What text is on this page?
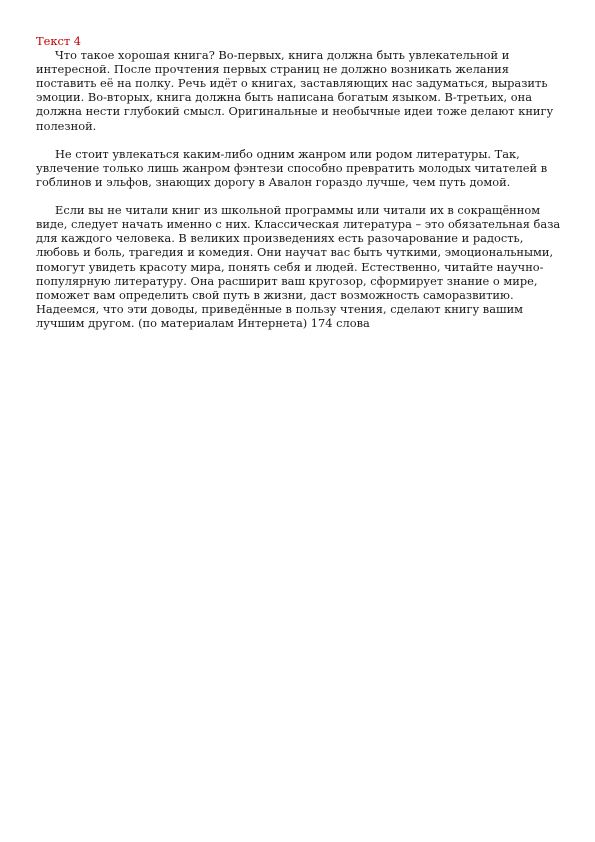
Текст 4

Что такое хорошая книга? Во-первых, книга должна быть увлекательной и интересной. После прочтения первых страниц не должно возникать желания поставить её на полку. Речь идёт о книгах, заставляющих нас задуматься, выразить эмоции. Во-вторых, книга должна быть написана богатым языком. В-третьих, она должна нести глубокий смысл. Оригинальные и необычные идеи тоже делают книгу полезной.

Не стоит увлекаться каким-либо одним жанром или родом литературы. Так, увлечение только лишь жанром фэнтези способно превратить молодых читателей в гоблинов и эльфов, знающих дорогу в Авалон гораздо лучше, чем путь домой.

Если вы не читали книг из школьной программы или читали их в сокращённом виде, следует начать именно с них. Классическая литература – это обязательная база для каждого человека. В великих произведениях есть разочарование и радость, любовь и боль, трагедия и комедия. Они научат вас быть чуткими, эмоциональными, помогут увидеть красоту мира, понять себя и людей. Естественно, читайте научно-популярную литературу. Она расширит ваш кругозор, сформирует знание о мире, поможет вам определить свой путь в жизни, даст возможность саморазвитию. Надеемся, что эти доводы, приведённые в пользу чтения, сделают книгу вашим лучшим другом. (по материалам Интернета) 174 слова
